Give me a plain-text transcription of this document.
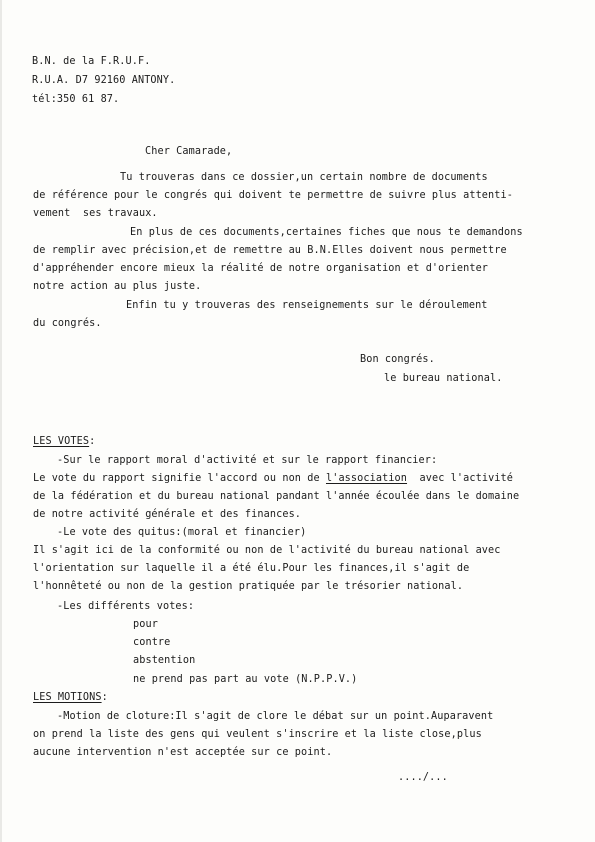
B.N. de la F.R.U.F.
R.U.A. D7 92160 ANTONY.
tél:350 61 87.
Cher Camarade,
Tu trouveras dans ce dossier,un certain nombre de documents
de référence pour le congrés qui doivent te permettre de suivre plus attenti-
vement  ses travaux.
En plus de ces documents,certaines fiches que nous te demandons
de remplir avec précision,et de remettre au B.N.Elles doivent nous permettre
d'appréhender encore mieux la réalité de notre organisation et d'orienter
notre action au plus juste.
Enfin tu y trouveras des renseignements sur le déroulement
du congrés.
Bon congrés.
le bureau national.
LES VOTES:
-Sur le rapport moral d'activité et sur le rapport financier:
Le vote du rapport signifie l'accord ou non de l'association  avec l'activité
de la fédération et du bureau national pandant l'année écoulée dans le domaine
de notre activité générale et des finances.
-Le vote des quitus:(moral et financier)
Il s'agit ici de la conformité ou non de l'activité du bureau national avec
l'orientation sur laquelle il a été élu.Pour les finances,il s'agit de
l'honnêteté ou non de la gestion pratiquée par le trésorier national.
-Les différents votes:
pour
contre
abstention
ne prend pas part au vote (N.P.P.V.)
LES MOTIONS:
-Motion de cloture:Il s'agit de clore le débat sur un point.Auparavent
on prend la liste des gens qui veulent s'inscrire et la liste close,plus
aucune intervention n'est acceptée sur ce point.
..../...
